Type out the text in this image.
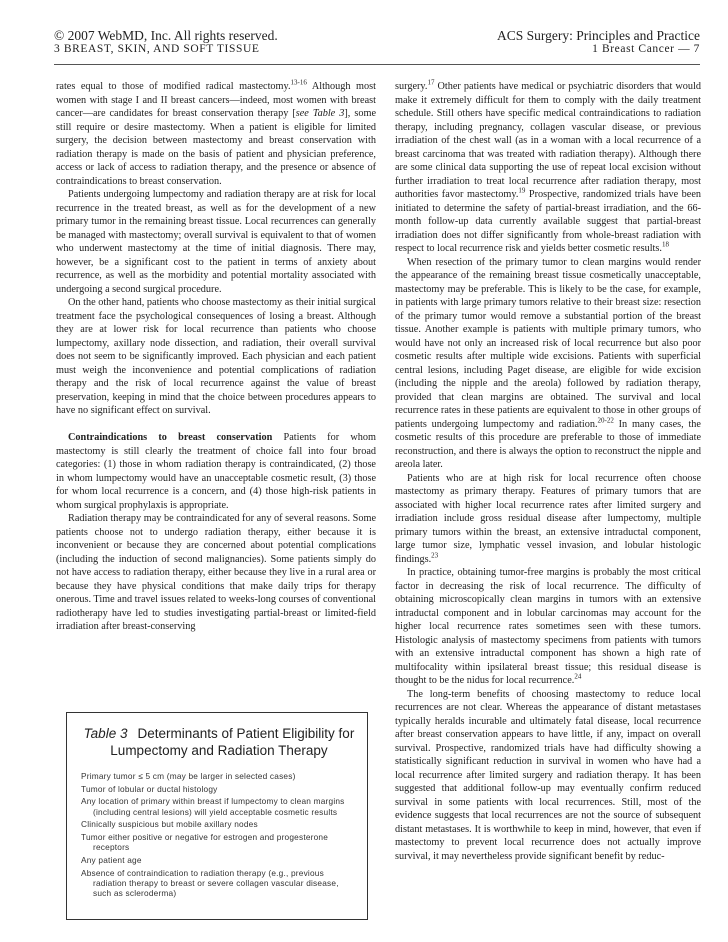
© 2007 WebMD, Inc. All rights reserved.	ACS Surgery: Principles and Practice
3 BREAST, SKIN, AND SOFT TISSUE	1 Breast Cancer — 7

rates equal to those of modified radical mastectomy.$^{13-16}$ Although most women with stage I and II breast cancers—indeed, most women with breast cancer—are candidates for breast conservation therapy [see Table 3], some still require or desire mastectomy. When a patient is eligible for limited surgery, the decision between mastectomy and breast conservation with radiation therapy is made on the basis of patient and physician preference, access or lack of access to radiation therapy, and the presence or absence of contraindications to breast conservation.

Patients undergoing lumpectomy and radiation therapy are at risk for local recurrence in the treated breast, as well as for the development of a new primary tumor in the remaining breast tissue. Local recurrences can generally be managed with mastectomy; overall survival is equivalent to that of women who underwent mastectomy at the time of initial diagnosis. There may, however, be a significant cost to the patient in terms of anxiety about recurrence, as well as the morbidity and potential mortality associated with undergoing a second surgical procedure.

On the other hand, patients who choose mastectomy as their initial surgical treatment face the psychological consequences of losing a breast. Although they are at lower risk for local recurrence than patients who choose lumpectomy, axillary node dissection, and radiation, their overall survival does not seem to be significantly improved. Each physician and each patient must weigh the inconvenience and potential complications of radiation therapy and the risk of local recurrence against the value of breast preservation, keeping in mind that the choice between procedures appears to have no significant effect on survival.

Contraindications to breast conservation Patients for whom mastectomy is still clearly the treatment of choice fall into four broad categories: (1) those in whom radiation therapy is contraindicated, (2) those in whom lumpectomy would have an unacceptable cosmetic result, (3) those for whom local recurrence is a concern, and (4) those high-risk patients in whom surgical prophylaxis is appropriate.

Radiation therapy may be contraindicated for any of several reasons. Some patients choose not to undergo radiation therapy, either because it is inconvenient or because they are concerned about potential complications (including the induction of second malignancies). Some patients simply do not have access to radiation therapy, either because they live in a rural area or because they have physical conditions that make daily trips for therapy onerous. Time and travel issues related to weeks-long courses of conventional radiotherapy have led to studies investigating partial-breast or limited-field irradiation after breast-conserving

Table 3 Determinants of Patient Eligibility for Lumpectomy and Radiation Therapy
Primary tumor ≤ 5 cm (may be larger in selected cases)
Tumor of lobular or ductal histology
Any location of primary within breast if lumpectomy to clean margins (including central lesions) will yield acceptable cosmetic results
Clinically suspicious but mobile axillary nodes
Tumor either positive or negative for estrogen and progesterone receptors
Any patient age
Absence of contraindication to radiation therapy (e.g., previous radiation therapy to breast or severe collagen vascular disease, such as scleroderma)

surgery.$^{17}$ Other patients have medical or psychiatric disorders that would make it extremely difficult for them to comply with the daily treatment schedule. Still others have specific medical contraindications to radiation therapy, including pregnancy, collagen vascular disease, or previous irradiation of the chest wall (as in a woman with a local recurrence of a breast carcinoma that was treated with radiation therapy). Although there are some clinical data supporting the use of repeat local excision without further irradiation to treat local recurrence after radiation therapy, most authorities favor mastectomy.$^{19}$ Prospective, randomized trials have been initiated to determine the safety of partial-breast irradiation, and the 66-month follow-up data currently available suggest that partial-breast irradiation does not differ significantly from whole-breast radiation with respect to local recurrence risk and yields better cosmetic results.$^{18}$

When resection of the primary tumor to clean margins would render the appearance of the remaining breast tissue cosmetically unacceptable, mastectomy may be preferable. This is likely to be the case, for example, in patients with large primary tumors relative to their breast size: resection of the primary tumor would remove a substantial portion of the breast tissue. Another example is patients with multiple primary tumors, who would have not only an increased risk of local recurrence but also poor cosmetic results after multiple wide excisions. Patients with superficial central lesions, including Paget disease, are eligible for wide excision (including the nipple and the areola) followed by radiation therapy, provided that clean margins are obtained. The survival and local recurrence rates in these patients are equivalent to those in other groups of patients undergoing lumpectomy and radiation.$^{20-22}$ In many cases, the cosmetic results of this procedure are preferable to those of immediate reconstruction, and there is always the option to reconstruct the nipple and areola later.

Patients who are at high risk for local recurrence often choose mastectomy as primary therapy. Features of primary tumors that are associated with higher local recurrence rates after limited surgery and irradiation include gross residual disease after lumpectomy, multiple primary tumors within the breast, an extensive intraductal component, large tumor size, lymphatic vessel invasion, and lobular histologic findings.$^{23}$

In practice, obtaining tumor-free margins is probably the most critical factor in decreasing the risk of local recurrence. The difficulty of obtaining microscopically clean margins in tumors with an extensive intraductal component and in lobular carcinomas may account for the higher local recurrence rates sometimes seen with these tumors. Histologic analysis of mastectomy specimens from patients with tumors with an extensive intraductal component has shown a high rate of multifocality within ipsilateral breast tissue; this residual disease is thought to be the nidus for local recurrence.$^{24}$

The long-term benefits of choosing mastectomy to reduce local recurrences are not clear. Whereas the appearance of distant metastases typically heralds incurable and ultimately fatal disease, local recurrence after breast conservation appears to have little, if any, impact on overall survival. Prospective, randomized trials have had difficulty showing a statistically significant reduction in survival in women who have had a local recurrence after limited surgery and radiation therapy. It has been suggested that additional follow-up may eventually confirm reduced survival in some patients with local recurrences. Still, most of the evidence suggests that local recurrences are not the source of subsequent distant metastases. It is worthwhile to keep in mind, however, that even if mastectomy to prevent local recurrence does not actually improve survival, it may nevertheless provide significant benefit by reduc-
